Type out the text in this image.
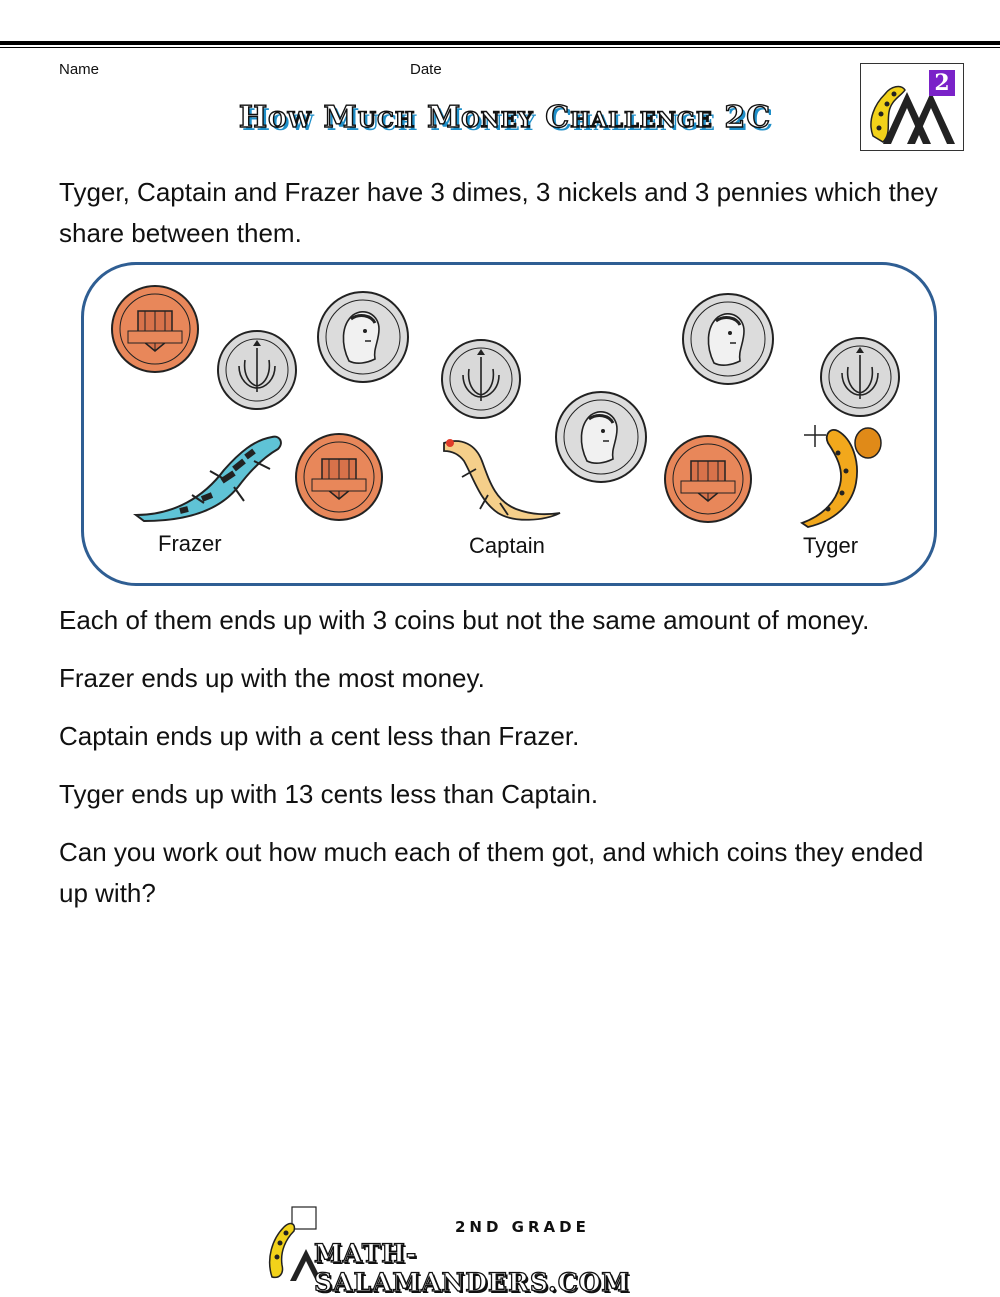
Name	Date
How Much Money Challenge 2C
2
Tyger, Captain and Frazer have 3 dimes, 3 nickels and 3 pennies which they share between them.
Frazer	Captain	Tyger
Each of them ends up with 3 coins but not the same amount of money.
Frazer ends up with the most money.
Captain ends up with a cent less than Frazer.
Tyger ends up with 13 cents less than Captain.
Can you work out how much each of them got, and which coins they ended up with?
2ND GRADE
MATH-SALAMANDERS.COM
